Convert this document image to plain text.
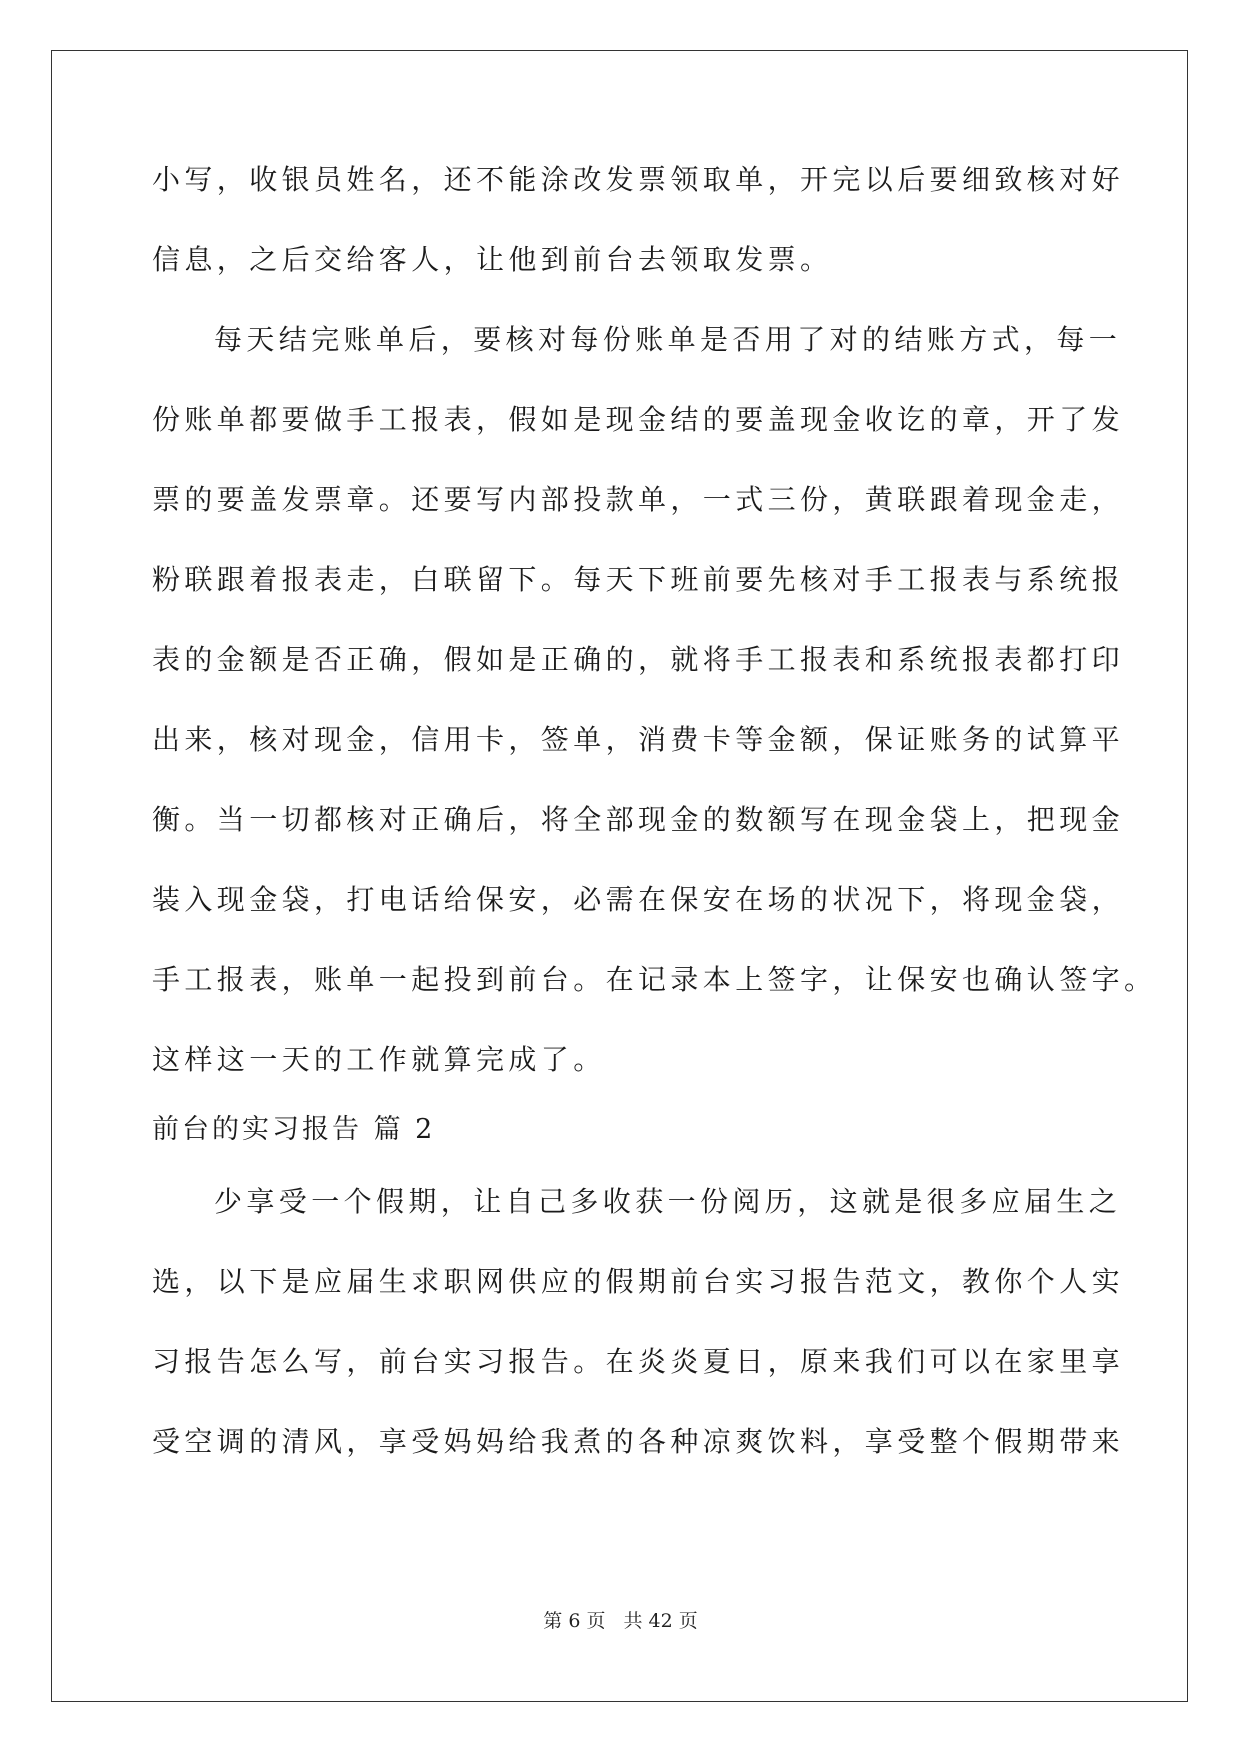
小写，收银员姓名，还不能涂改发票领取单，开完以后要细致核对好
信息，之后交给客人，让他到前台去领取发票。
每天结完账单后，要核对每份账单是否用了对的结账方式，每一
份账单都要做手工报表，假如是现金结的要盖现金收讫的章，开了发
票的要盖发票章。还要写内部投款单，一式三份，黄联跟着现金走，
粉联跟着报表走，白联留下。每天下班前要先核对手工报表与系统报
表的金额是否正确，假如是正确的，就将手工报表和系统报表都打印
出来，核对现金，信用卡，签单，消费卡等金额，保证账务的试算平
衡。当一切都核对正确后，将全部现金的数额写在现金袋上，把现金
装入现金袋，打电话给保安，必需在保安在场的状况下，将现金袋，
手工报表，账单一起投到前台。在记录本上签字，让保安也确认签字。
这样这一天的工作就算完成了。
前台的实习报告 篇 2
少享受一个假期，让自己多收获一份阅历，这就是很多应届生之
选，以下是应届生求职网供应的假期前台实习报告范文，教你个人实
习报告怎么写，前台实习报告。在炎炎夏日，原来我们可以在家里享
受空调的清风，享受妈妈给我煮的各种凉爽饮料，享受整个假期带来
第 6 页 共 42 页
